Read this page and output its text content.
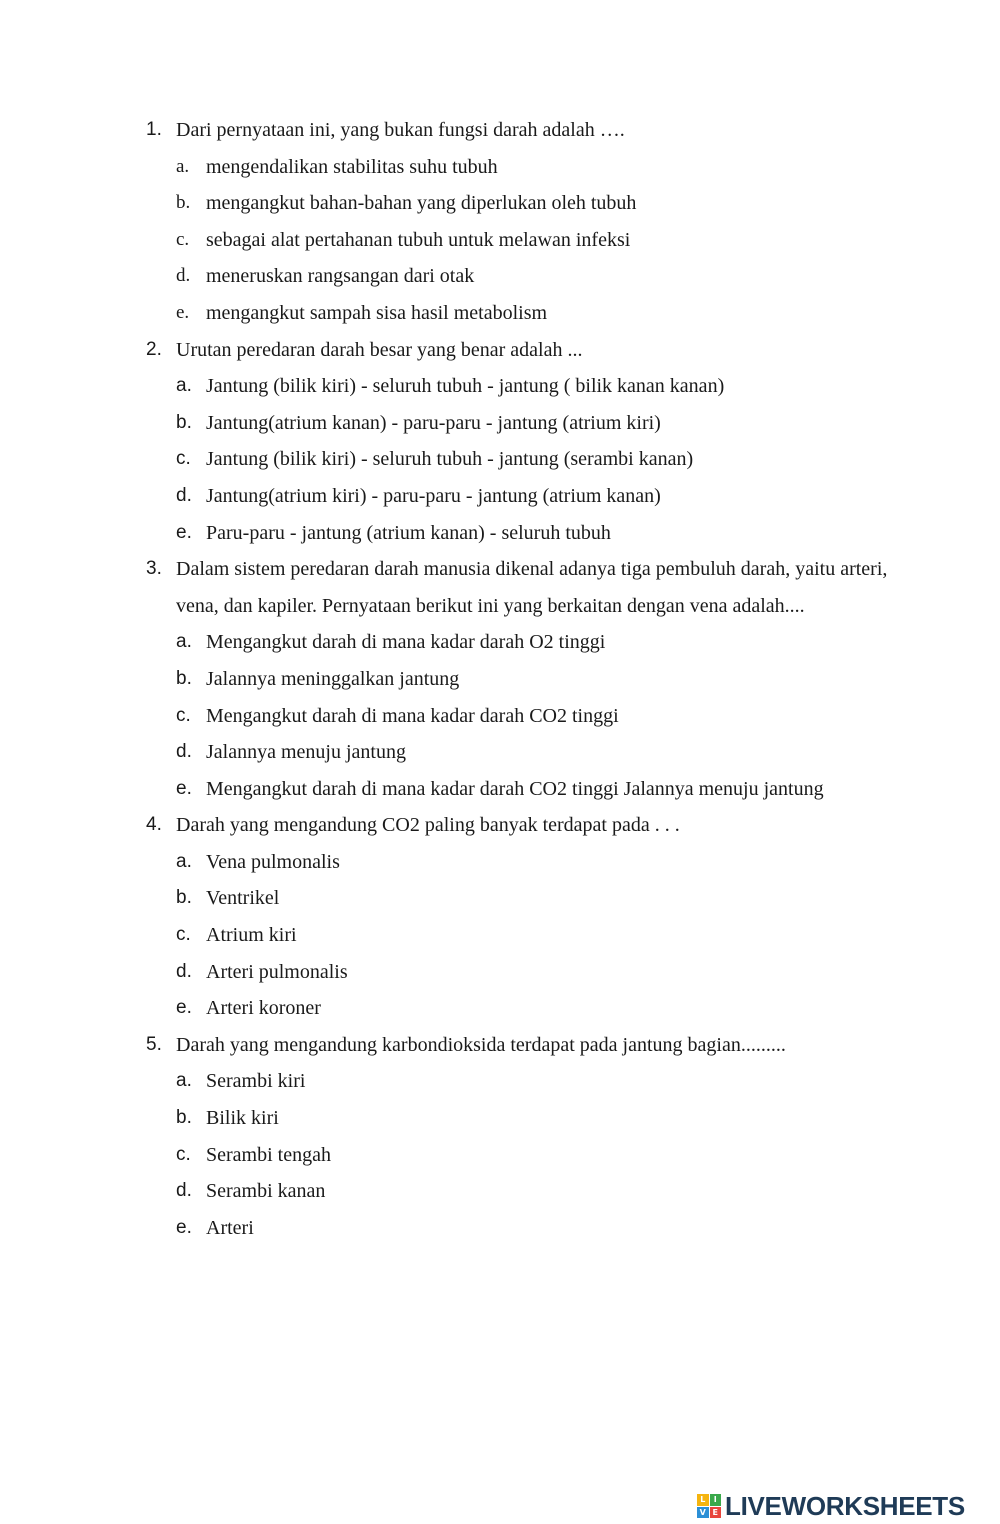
1. Dari pernyataan ini, yang bukan fungsi darah adalah ….
a. mengendalikan stabilitas suhu tubuh
b. mengangkut bahan-bahan yang diperlukan oleh tubuh
c. sebagai alat pertahanan tubuh untuk melawan infeksi
d. meneruskan rangsangan dari otak
e. mengangkut sampah sisa hasil metabolism
2. Urutan peredaran darah besar yang benar adalah ...
a. Jantung (bilik kiri) - seluruh tubuh - jantung ( bilik kanan kanan)
b. Jantung(atrium kanan) - paru-paru - jantung (atrium kiri)
c. Jantung (bilik kiri) - seluruh tubuh - jantung (serambi kanan)
d. Jantung(atrium kiri) - paru-paru - jantung (atrium kanan)
e. Paru-paru - jantung (atrium kanan) - seluruh tubuh
3. Dalam sistem peredaran darah manusia dikenal adanya tiga pembuluh darah, yaitu arteri, vena, dan kapiler. Pernyataan berikut ini yang berkaitan dengan vena adalah....
a. Mengangkut darah di mana kadar darah O2 tinggi
b. Jalannya meninggalkan jantung
c. Mengangkut darah di mana kadar darah CO2 tinggi
d. Jalannya menuju jantung
e. Mengangkut darah di mana kadar darah CO2 tinggi Jalannya menuju jantung
4. Darah yang mengandung CO2 paling banyak terdapat pada . . .
a. Vena pulmonalis
b. Ventrikel
c. Atrium kiri
d. Arteri pulmonalis
e. Arteri koroner
5. Darah yang mengandung karbondioksida terdapat pada jantung bagian.........
a. Serambi kiri
b. Bilik kiri
c. Serambi tengah
d. Serambi kanan
e. Arteri
L	I
V E LIVEWORKSHEETS
